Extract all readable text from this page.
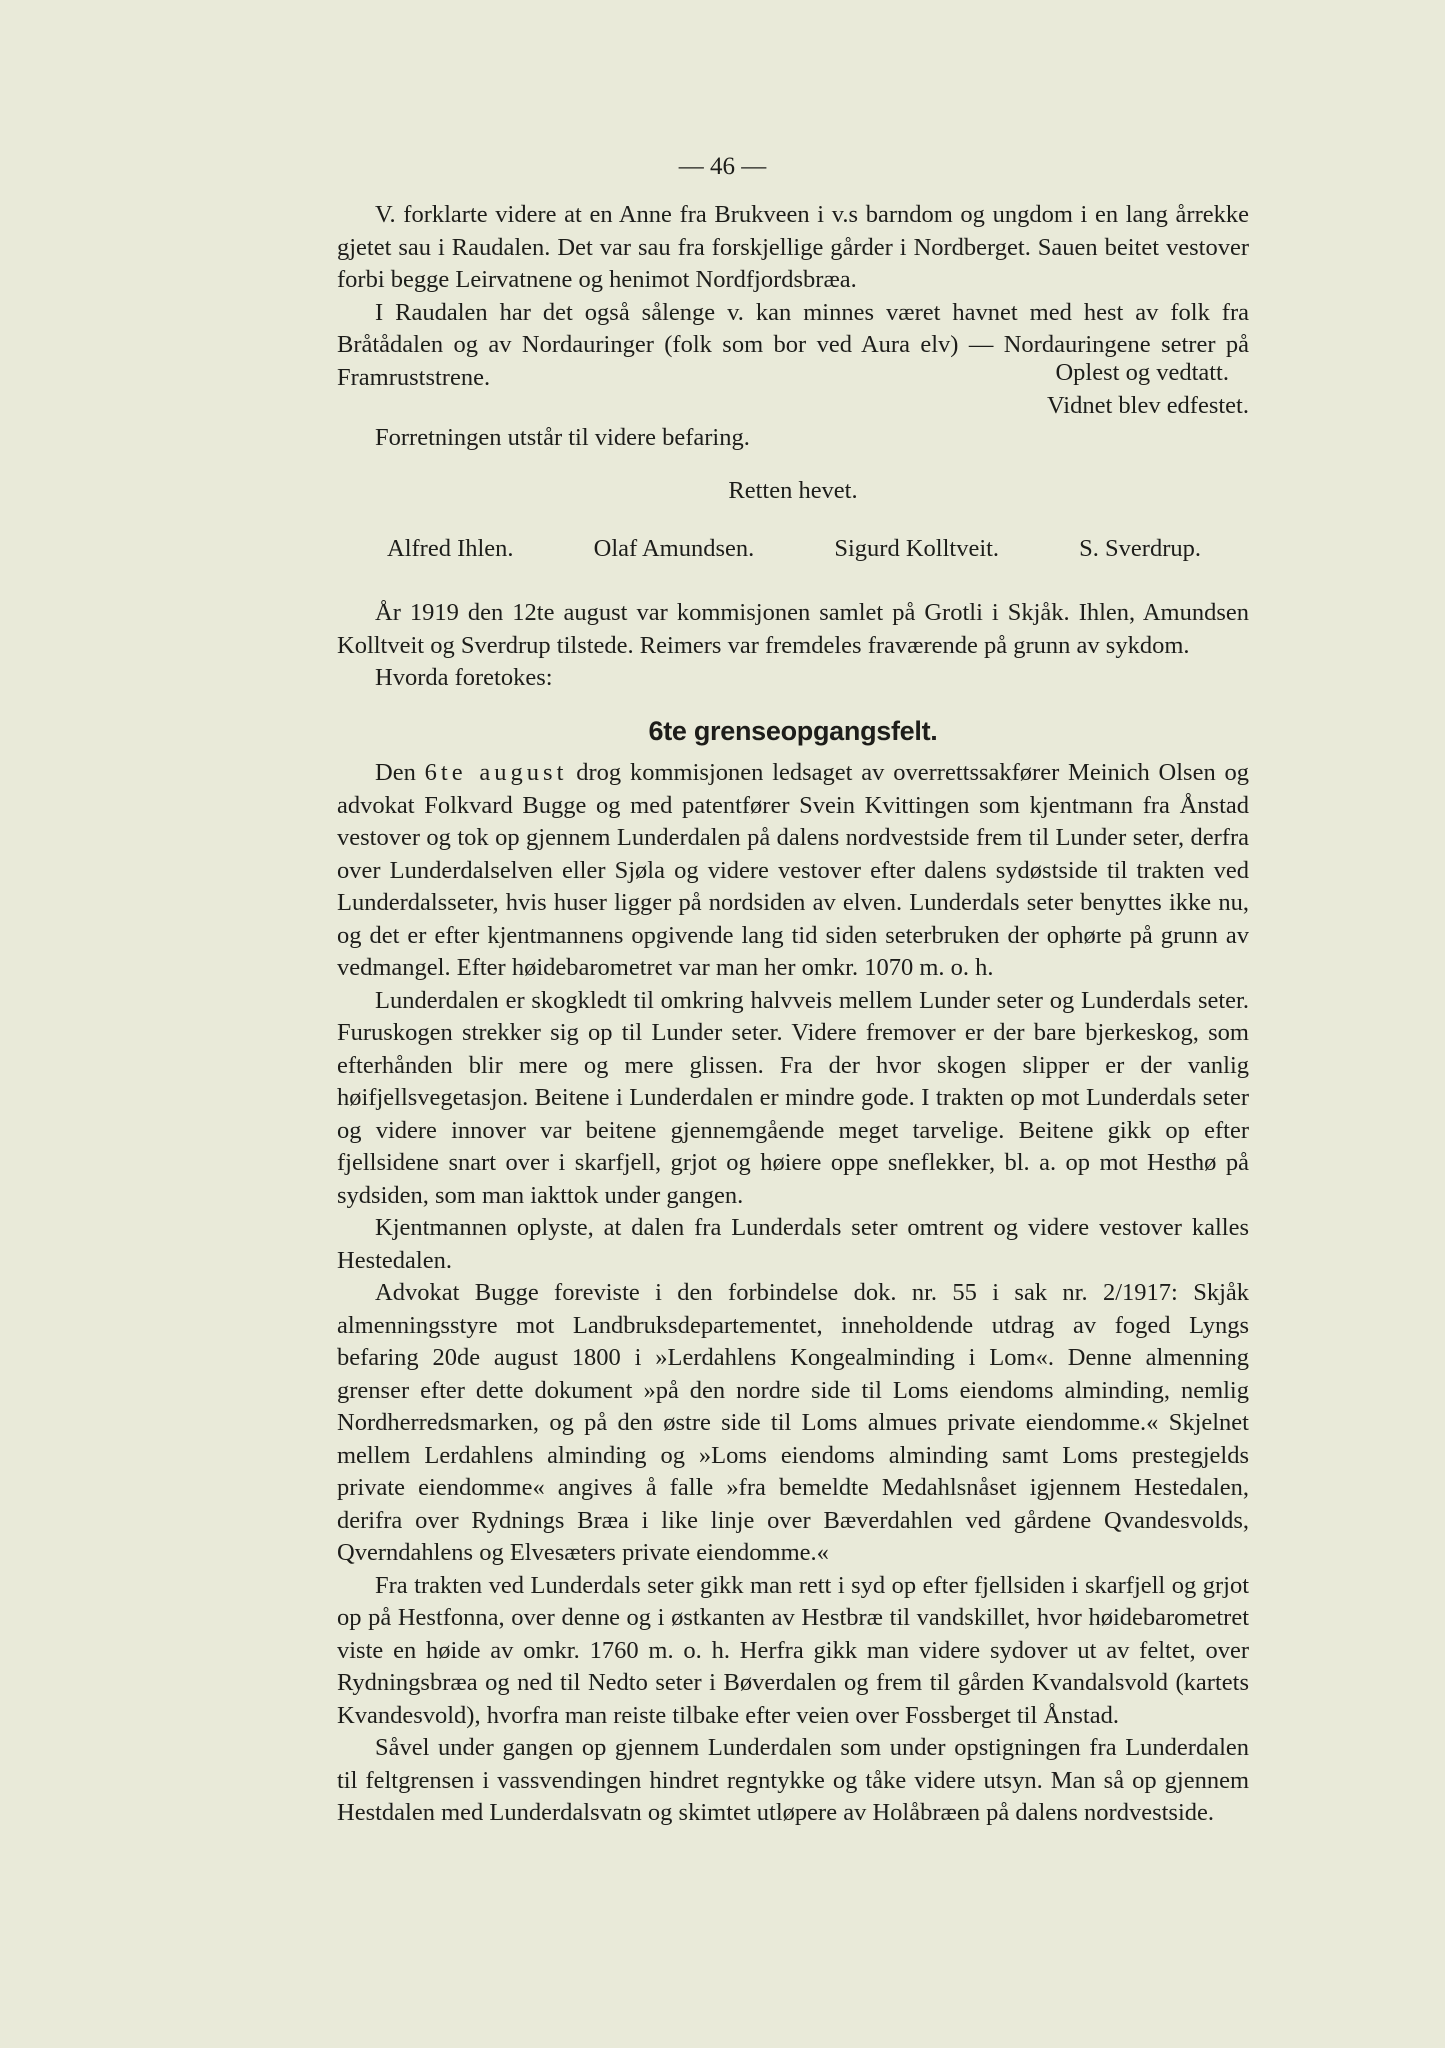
— 46 —

V. forklarte videre at en Anne fra Brukveen i v.s barndom og ungdom i en lang årrekke gjetet sau i Raudalen. Det var sau fra forskjellige gårder i Nordberget. Sauen beitet vestover forbi begge Leirvatnene og henimot Nordfjordsbræa.

I Raudalen har det også sålenge v. kan minnes været havnet med hest av folk fra Bråtådalen og av Nordauringer (folk som bor ved Aura elv) — Nordauringene setrer på Framruststrene.	Oplest og vedtatt.

Vidnet blev edfestet.

Forretningen utstår til videre befaring.

Retten hevet.

Alfred Ihlen.	Olaf Amundsen.	Sigurd Kolltveit.	S. Sverdrup.

År 1919 den 12te august var kommisjonen samlet på Grotli i Skjåk. Ihlen, Amundsen Kolltveit og Sverdrup tilstede. Reimers var fremdeles fraværende på grunn av sykdom.

Hvorda foretokes:

6te grenseopgangsfelt.

Den 6te august drog kommisjonen ledsaget av overrettssakfører Meinich Olsen og advokat Folkvard Bugge og med patentfører Svein Kvittingen som kjentmann fra Ånstad vestover og tok op gjennem Lunderdalen på dalens nordvestside frem til Lunder seter, derfra over Lunderdalselven eller Sjøla og videre vestover efter dalens sydøstside til trakten ved Lunderdalsseter, hvis huser ligger på nordsiden av elven. Lunderdals seter benyttes ikke nu, og det er efter kjentmannens opgivende lang tid siden seterbruken der ophørte på grunn av vedmangel. Efter høidebarometret var man her omkr. 1070 m. o. h.

Lunderdalen er skogkledt til omkring halvveis mellem Lunder seter og Lunderdals seter. Furuskogen strekker sig op til Lunder seter. Videre fremover er der bare bjerkeskog, som efterhånden blir mere og mere glissen. Fra der hvor skogen slipper er der vanlig høifjellsvegetasjon. Beitene i Lunderdalen er mindre gode. I trakten op mot Lunderdals seter og videre innover var beitene gjennemgående meget tarvelige. Beitene gikk op efter fjellsidene snart over i skarfjell, grjot og høiere oppe sneflekker, bl. a. op mot Hesthø på sydsiden, som man iakttok under gangen.

Kjentmannen oplyste, at dalen fra Lunderdals seter omtrent og videre vestover kalles Hestedalen.

Advokat Bugge foreviste i den forbindelse dok. nr. 55 i sak nr. 2/1917: Skjåk almenningsstyre mot Landbruksdepartementet, inneholdende utdrag av foged Lyngs befaring 20de august 1800 i »Lerdahlens Kongealminding i Lom«. Denne almenning grenser efter dette dokument »på den nordre side til Loms eiendoms alminding, nemlig Nordherredsmarken, og på den østre side til Loms almues private eiendomme.« Skjelnet mellem Lerdahlens alminding og »Loms eiendoms alminding samt Loms prestegjelds private eiendomme« angives å falle »fra bemeldte Medahlsnåset igjennem Hestedalen, derifra over Rydnings Bræa i like linje over Bæverdahlen ved gårdene Qvandesvolds, Qverndahlens og Elvesæters private eiendomme.«

Fra trakten ved Lunderdals seter gikk man rett i syd op efter fjellsiden i skarfjell og grjot op på Hestfonna, over denne og i østkanten av Hestbræ til vandskillet, hvor høidebarometret viste en høide av omkr. 1760 m. o. h. Herfra gikk man videre sydover ut av feltet, over Rydningsbræa og ned til Nedto seter i Bøverdalen og frem til gården Kvandalsvold (kartets Kvandesvold), hvorfra man reiste tilbake efter veien over Fossberget til Ånstad.

Såvel under gangen op gjennem Lunderdalen som under opstigningen fra Lunderdalen til feltgrensen i vassvendingen hindret regntykke og tåke videre utsyn. Man så op gjennem Hestdalen med Lunderdalsvatn og skimtet utløpere av Holåbræen på dalens nordvestside.
